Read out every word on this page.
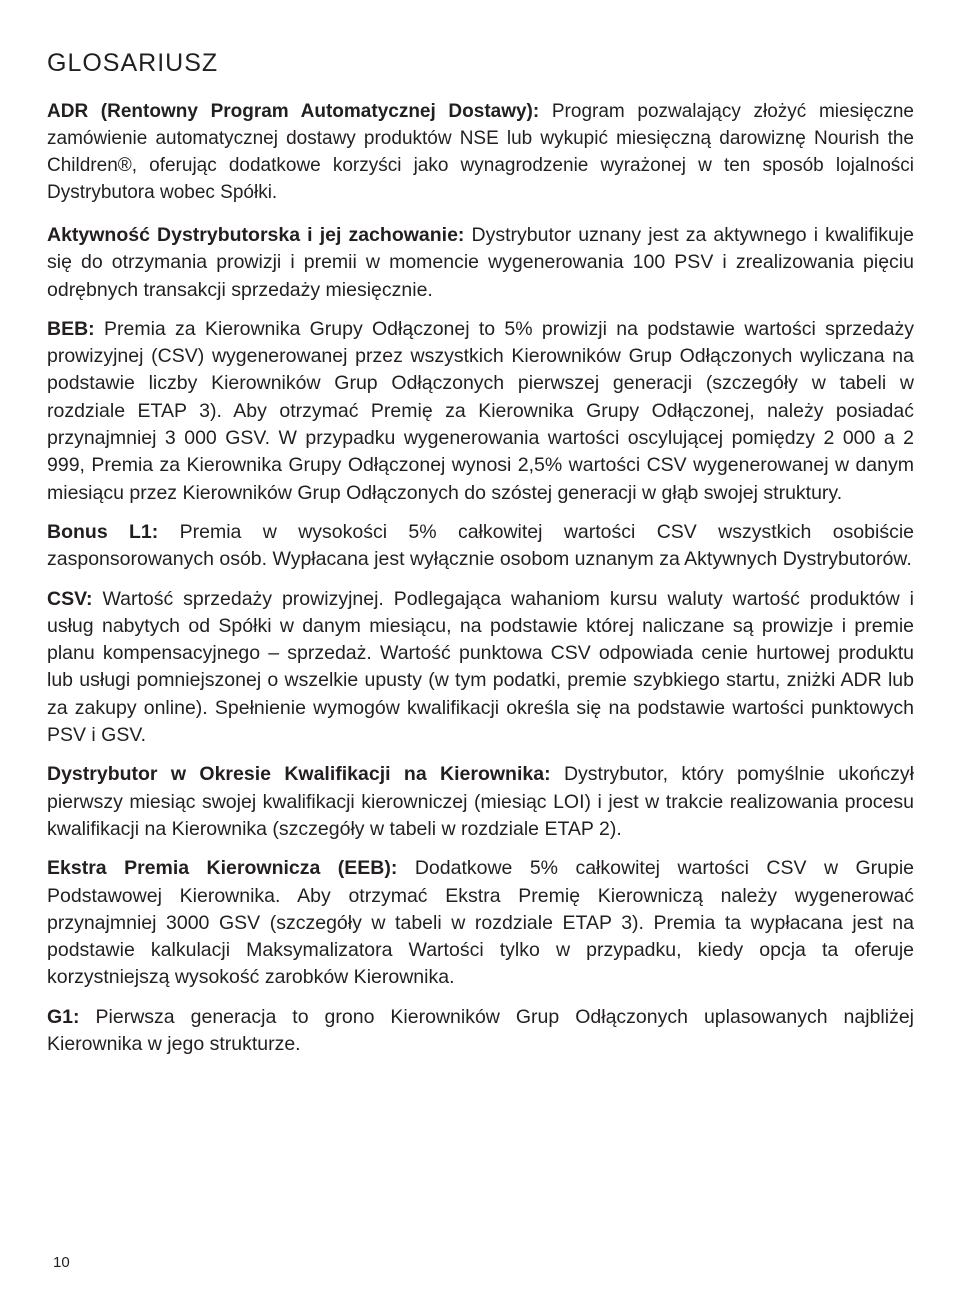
GLOSARIUSZ

ADR (Rentowny Program Automatycznej Dostawy): Program pozwalający złożyć miesięczne zamówienie automatycznej dostawy produktów NSE lub wykupić miesięczną darowiznę Nourish the Children®, oferując dodatkowe korzyści jako wynagrodzenie wyrażonej w ten sposób lojalności Dystrybutora wobec Spółki.

Aktywność Dystrybutorska i jej zachowanie: Dystrybutor uznany jest za aktywnego i kwalifikuje się do otrzymania prowizji i premii w momencie wygenerowania 100 PSV i zrealizowania pięciu odrębnych transakcji sprzedaży miesięcznie.

BEB: Premia za Kierownika Grupy Odłączonej to 5% prowizji na podstawie wartości sprzedaży prowizyjnej (CSV) wygenerowanej przez wszystkich Kierowników Grup Odłączonych wyliczana na podstawie liczby Kierowników Grup Odłączonych pierwszej generacji (szczegóły w tabeli w rozdziale ETAP 3). Aby otrzymać Premię za Kierownika Grupy Odłączonej, należy posiadać przynajmniej 3 000 GSV. W przypadku wygenerowania wartości oscylującej pomiędzy 2 000 a 2 999, Premia za Kierownika Grupy Odłączonej wynosi 2,5% wartości CSV wygenerowanej w danym miesiącu przez Kierowników Grup Odłączonych do szóstej generacji w głąb swojej struktury.

Bonus L1: Premia w wysokości 5% całkowitej wartości CSV wszystkich osobiście zasponsorowanych osób. Wypłacana jest wyłącznie osobom uznanym za Aktywnych Dystrybutorów.

CSV: Wartość sprzedaży prowizyjnej. Podlegająca wahaniom kursu waluty wartość produktów i usług nabytych od Spółki w danym miesiącu, na podstawie której naliczane są prowizje i premie planu kompensacyjnego – sprzedaż. Wartość punktowa CSV odpowiada cenie hurtowej produktu lub usługi pomniejszonej o wszelkie upusty (w tym podatki, premie szybkiego startu, zniżki ADR lub za zakupy online). Spełnienie wymogów kwalifikacji określa się na podstawie wartości punktowych PSV i GSV.

Dystrybutor w Okresie Kwalifikacji na Kierownika: Dystrybutor, który pomyślnie ukończył pierwszy miesiąc swojej kwalifikacji kierowniczej (miesiąc LOI) i jest w trakcie realizowania procesu kwalifikacji na Kierownika (szczegóły w tabeli w rozdziale ETAP 2).

Ekstra Premia Kierownicza (EEB): Dodatkowe 5% całkowitej wartości CSV w Grupie Podstawowej Kierownika. Aby otrzymać Ekstra Premię Kierowniczą należy wygenerować przynajmniej 3000 GSV (szczegóły w tabeli w rozdziale ETAP 3). Premia ta wypłacana jest na podstawie kalkulacji Maksymalizatora Wartości tylko w przypadku, kiedy opcja ta oferuje korzystniejszą wysokość zarobków Kierownika.

G1: Pierwsza generacja to grono Kierowników Grup Odłączonych uplasowanych najbliżej Kierownika w jego strukturze.

10
